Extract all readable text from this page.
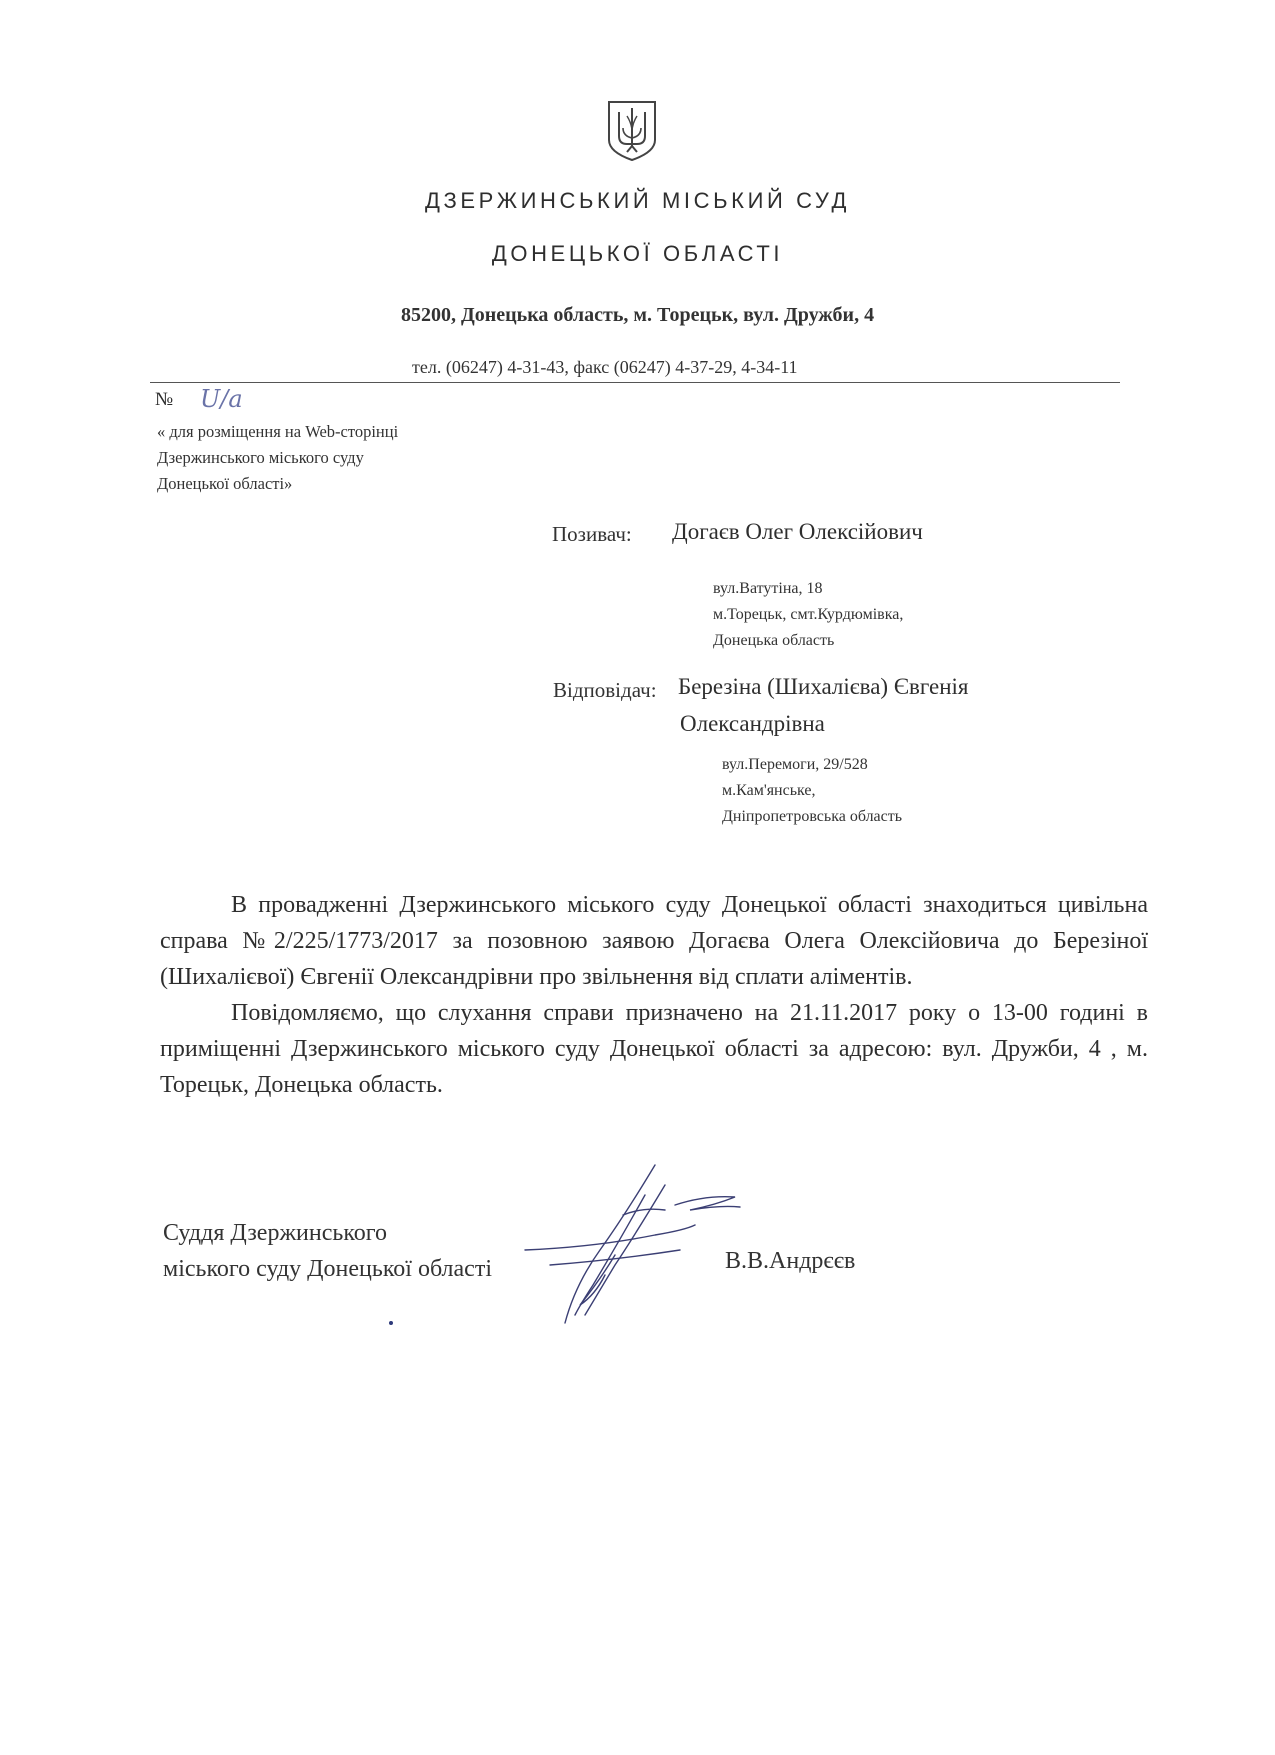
ДЗЕРЖИНСЬКИЙ МІСЬКИЙ СУД
ДОНЕЦЬКОЇ ОБЛАСТІ
85200, Донецька область, м. Торецьк, вул. Дружби, 4
тел. (06247) 4-31-43, факс (06247) 4-37-29, 4-34-11
№ U/a
« для розміщення на Web-сторінці
Дзержинського міського суду
Донецької області»
Позивач: Догаєв Олег Олексійович
вул.Ватутіна, 18
м.Торецьк, смт.Курдюмівка,
Донецька область
Відповідач: Березіна (Шихалієва) Євгенія
Олександрівна
вул.Перемоги, 29/528
м.Кам'янське,
Дніпропетровська область

В провадженні Дзержинського міського суду Донецької області знаходиться цивільна справа №2/225/1773/2017 за позовною заявою Догаєва Олега Олексійовича до Березіної (Шихалієвої) Євгенії Олександрівни про звільнення від сплати аліментів.

Повідомляємо, що слухання справи призначено на 21.11.2017 року о 13-00 годині в приміщенні Дзержинського міського суду Донецької області за адресою: вул. Дружби, 4 , м. Торецьк, Донецька область.

Суддя Дзержинського
міського суду Донецької області	В.В.Андрєєв
